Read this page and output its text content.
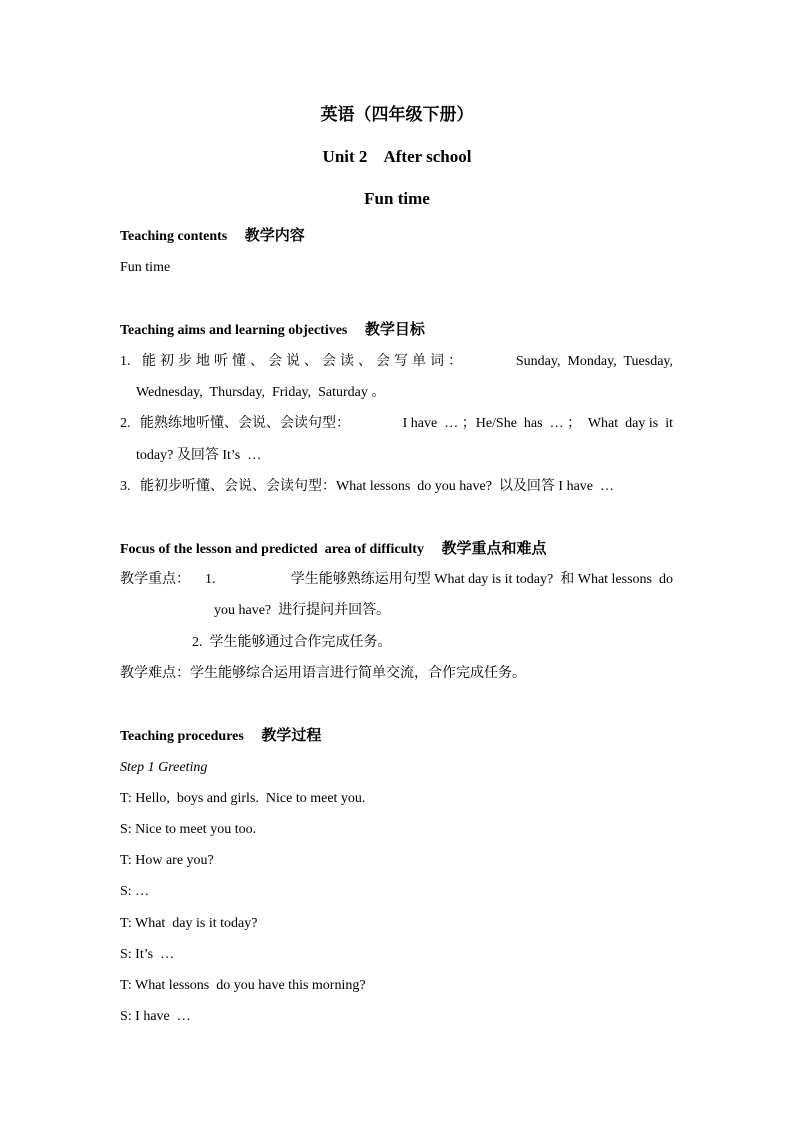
英语（四年级下册）
Unit 2    After school
Fun time
Teaching contents 教学内容
Fun time
Teaching aims and learning objectives 教学目标
1. 能初步地听懂、会说、会读、会写单词：	Sunday,  Monday,  Tuesday,
Wednesday,  Thursday,  Friday,  Saturday 。
2. 能熟练地听懂、会说、会读句型：	I have  … ；He/She  has  … ；  What  day is  it
today? 及回答 It’s  …
3. 能初步听懂、会说、会读句型：What lessons  do you have?  以及回答 I have  …
Focus of the lesson and predicted  area of difficulty 教学重点和难点
教学重点： 1.	学生能够熟练运用句型 What day is it today?  和 What lessons  do
you have?  进行提问并回答。
2.  学生能够通过合作完成任务。
教学难点：学生能够综合运用语言进行简单交流，合作完成任务。
Teaching procedures 教学过程
Step 1 Greeting
T: Hello,  boys and girls.  Nice to meet you.
S: Nice to meet you too.
T: How are you?
S: …
T: What  day is it today?
S: It’s  …
T: What lessons  do you have this morning?
S: I have  …
